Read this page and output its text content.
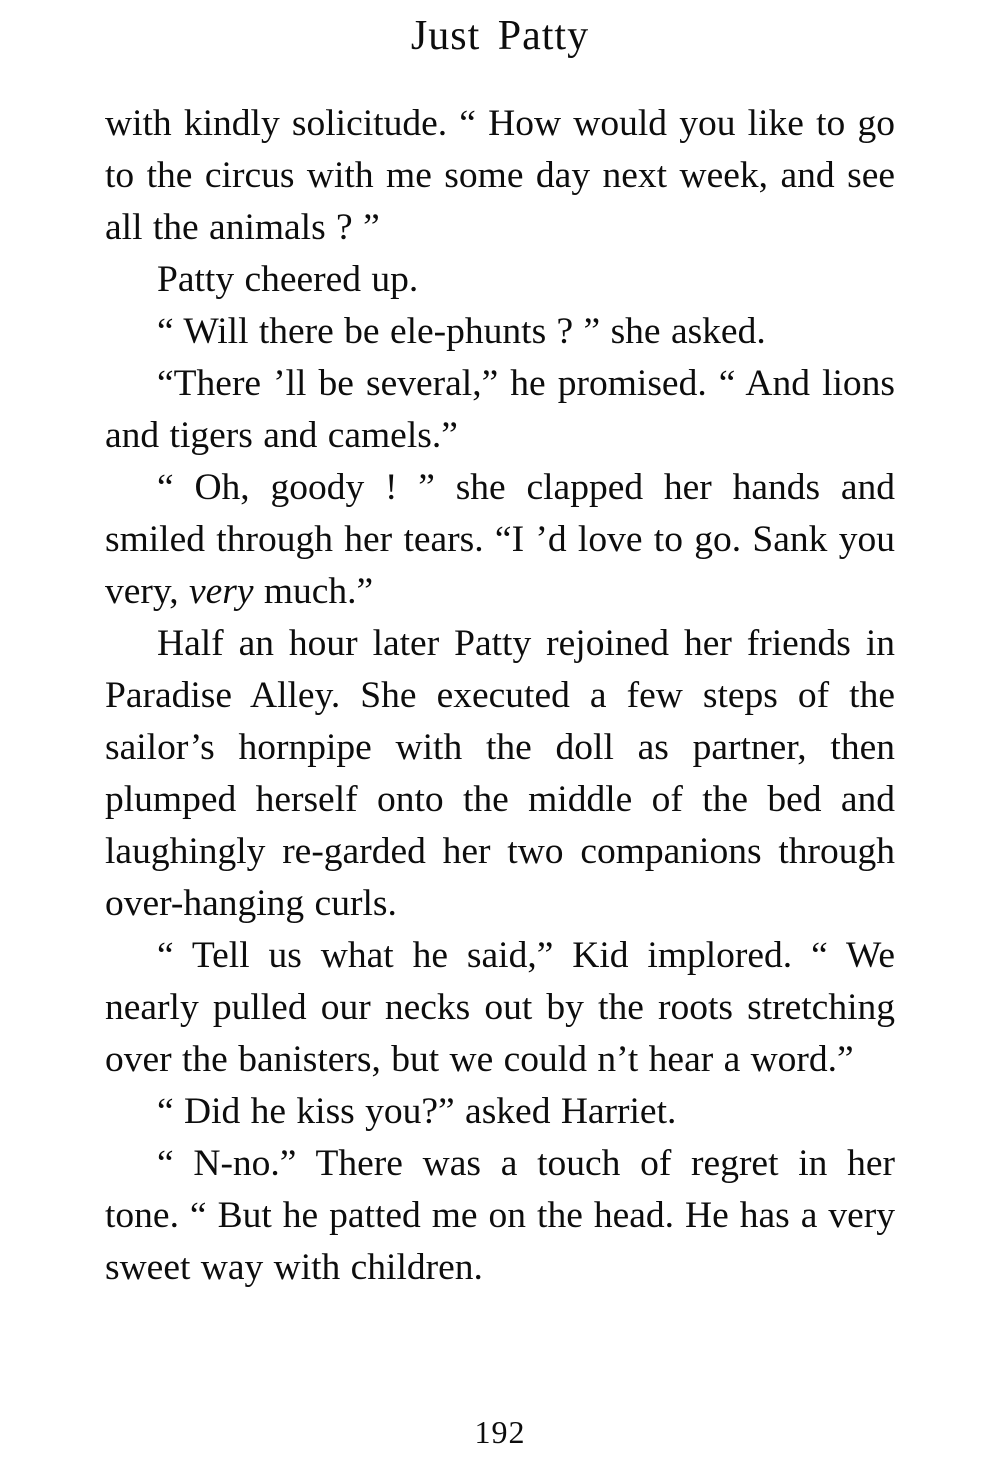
Just Patty

with kindly solicitude. “ How would you like to go to the circus with me some day next week, and see all the animals ? ”

Patty cheered up.

“ Will there be ele-phunts ? ” she asked.

“There ’ll be several,” he promised. “ And lions and tigers and camels.”

“ Oh, goody ! ” she clapped her hands and smiled through her tears. “I ’d love to go. Sank you very, very much.”

Half an hour later Patty rejoined her friends in Paradise Alley. She executed a few steps of the sailor’s hornpipe with the doll as partner, then plumped herself onto the middle of the bed and laughingly re-garded her two companions through over-hanging curls.

“ Tell us what he said,” Kid implored. “ We nearly pulled our necks out by the roots stretching over the banisters, but we could n’t hear a word.”

“ Did he kiss you?” asked Harriet.

“ N-no.” There was a touch of regret in her tone. “ But he patted me on the head. He has a very sweet way with children.

192
